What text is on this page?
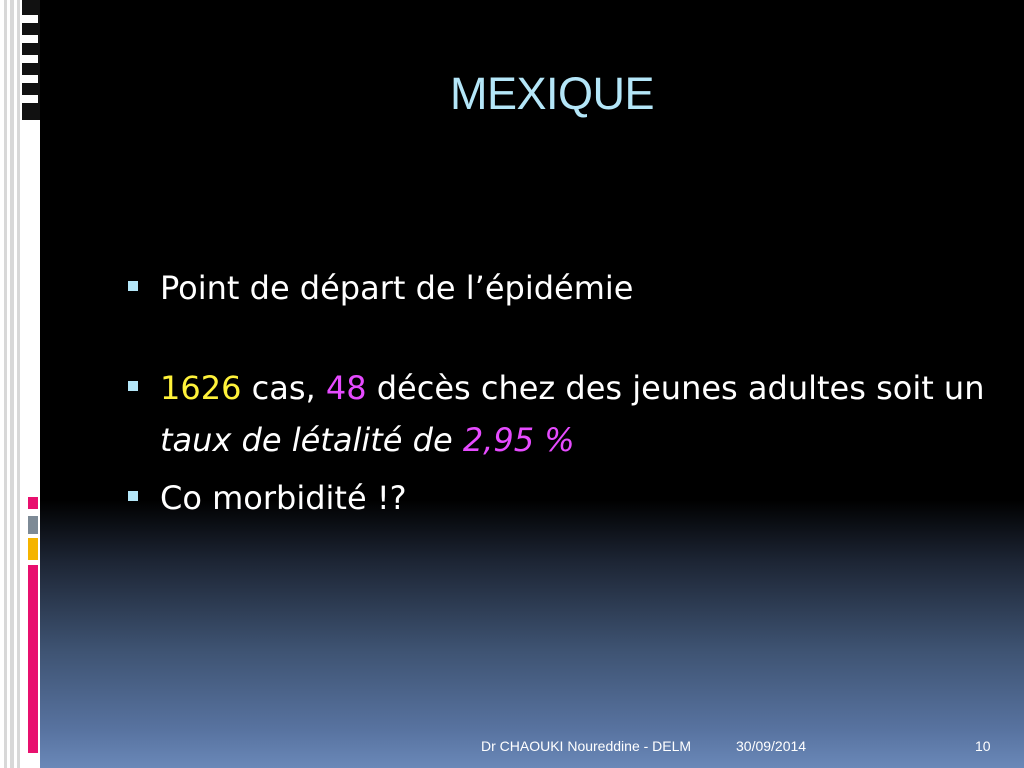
MEXIQUE
Point de départ de l’épidémie
1626 cas, 48 décès chez des jeunes adultes soit un taux de létalité de 2,95 %
Co morbidité !?
Dr CHAOUKI Noureddine - DELM	30/09/2014	10
